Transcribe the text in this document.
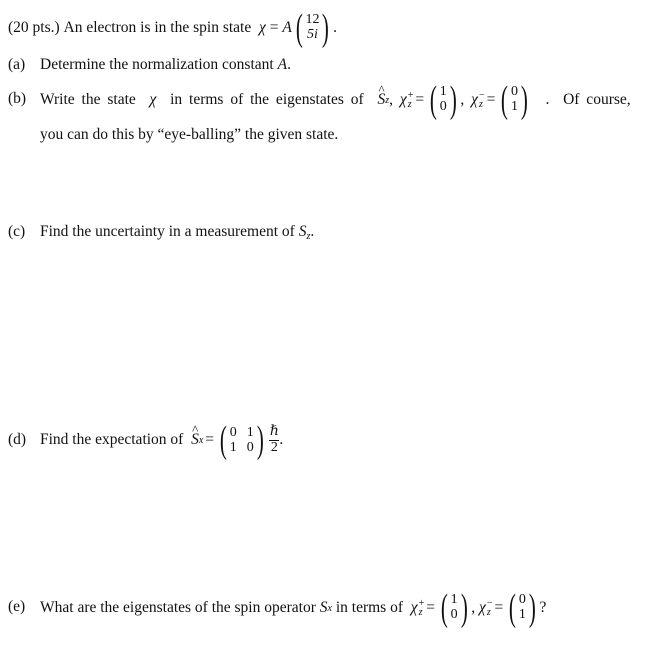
(20 pts.)
An electron is in the spin state
χ
=
A ( 12
5i ) .
(a) Determine the normalization constant A.
(b) Write the state
χ
in terms of the eigenstates of
^ S z ,
χ +
z = ( 1
0 ) ,
χ −
z = ( 0
1 )
.
Of course,
you can do this by “eye-balling” the given state.
(c) Find the uncertainty in a measurement of $S_z$.
(d) Find the expectation of
^ S x = ( 0 1
1 0 ) $\frac{\text{ℏ}}{2}$ .
(e) What are the eigenstates of the spin operator
S x
in terms of
χ +
z = ( 1
0 ) ,
χ −
z = ( 0
1 ) ?
